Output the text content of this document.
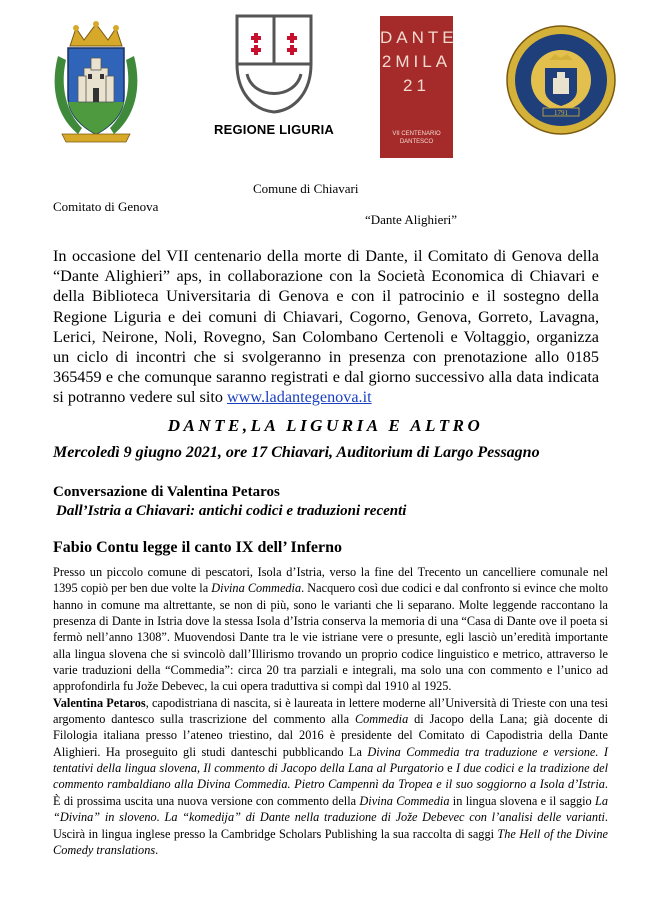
REGIONE LIGURIA
DANTE
2MILA
21
VII CENTENARIO
DANTESCO
1791
Comune di Chiavari
Comitato di Genova
“Dante Alighieri”
In occasione del VII centenario della morte di Dante, il Comitato di Genova della “Dante Alighieri” aps, in collaborazione con la Società Economica di Chiavari e della Biblioteca Universitaria di Genova e con il patrocinio e il sostegno della Regione Liguria e dei comuni di Chiavari, Cogorno, Genova, Gorreto, Lavagna, Lerici, Neirone, Noli, Rovegno, San Colombano Certenoli e Voltaggio, organizza un ciclo di incontri che si svolgeranno in presenza con prenotazione allo 0185 365459 e che comunque saranno registrati e dal giorno successivo alla data indicata si potranno vedere sul sito www.ladantegenova.it
DANTE,LA LIGURIA E ALTRO
Mercoledì 9 giugno 2021, ore 17 Chiavari, Auditorium di Largo Pessagno
Conversazione di Valentina Petaros
Dall’Istria a Chiavari: antichi codici e traduzioni recenti
Fabio Contu legge il canto IX dell’ Inferno

Presso un piccolo comune di pescatori, Isola d’Istria, verso la fine del Trecento un cancelliere comunale nel 1395 copiò per ben due volte la Divina Commedia. Nacquero così due codici e dal confronto si evince che molto hanno in comune ma altrettante, se non di più, sono le varianti che li separano. Molte leggende raccontano la presenza di Dante in Istria dove la stessa Isola d’Istria conserva la memoria di una “Casa di Dante ove il poeta si fermò nell’anno 1308”. Muovendosi Dante tra le vie istriane vere o presunte, egli lasciò un’eredità importante alla lingua slovena che si svincolò dall’Illirismo trovando un proprio codice linguistico e metrico, attraverso le varie traduzioni della “Commedia”: circa 20 tra parziali e integrali, ma solo una con commento e l’unico ad approfondirla fu Jože Debevec, la cui opera traduttiva si compì dal 1910 al 1925.

Valentina Petaros, capodistriana di nascita, si è laureata in lettere moderne all’Università di Trieste con una tesi argomento dantesco sulla trascrizione del commento alla Commedia di Jacopo della Lana; già docente di Filologia italiana presso l’ateneo triestino, dal 2016 è presidente del Comitato di Capodistria della Dante Alighieri. Ha proseguito gli studi danteschi pubblicando La Divina Commedia tra traduzione e versione. I tentativi della lingua slovena, Il commento di Jacopo della Lana al Purgatorio e I due codici e la tradizione del commento rambaldiano alla Divina Commedia. Pietro Campennì da Tropea e il suo soggiorno a Isola d’Istria. È di prossima uscita una nuova versione con commento della Divina Commedia in lingua slovena e il saggio La “Divina” in sloveno. La “komedija” di Dante nella traduzione di Jože Debevec con l’analisi delle varianti. Uscirà in lingua inglese presso la Cambridge Scholars Publishing la sua raccolta di saggi The Hell of the Divine Comedy translations.
